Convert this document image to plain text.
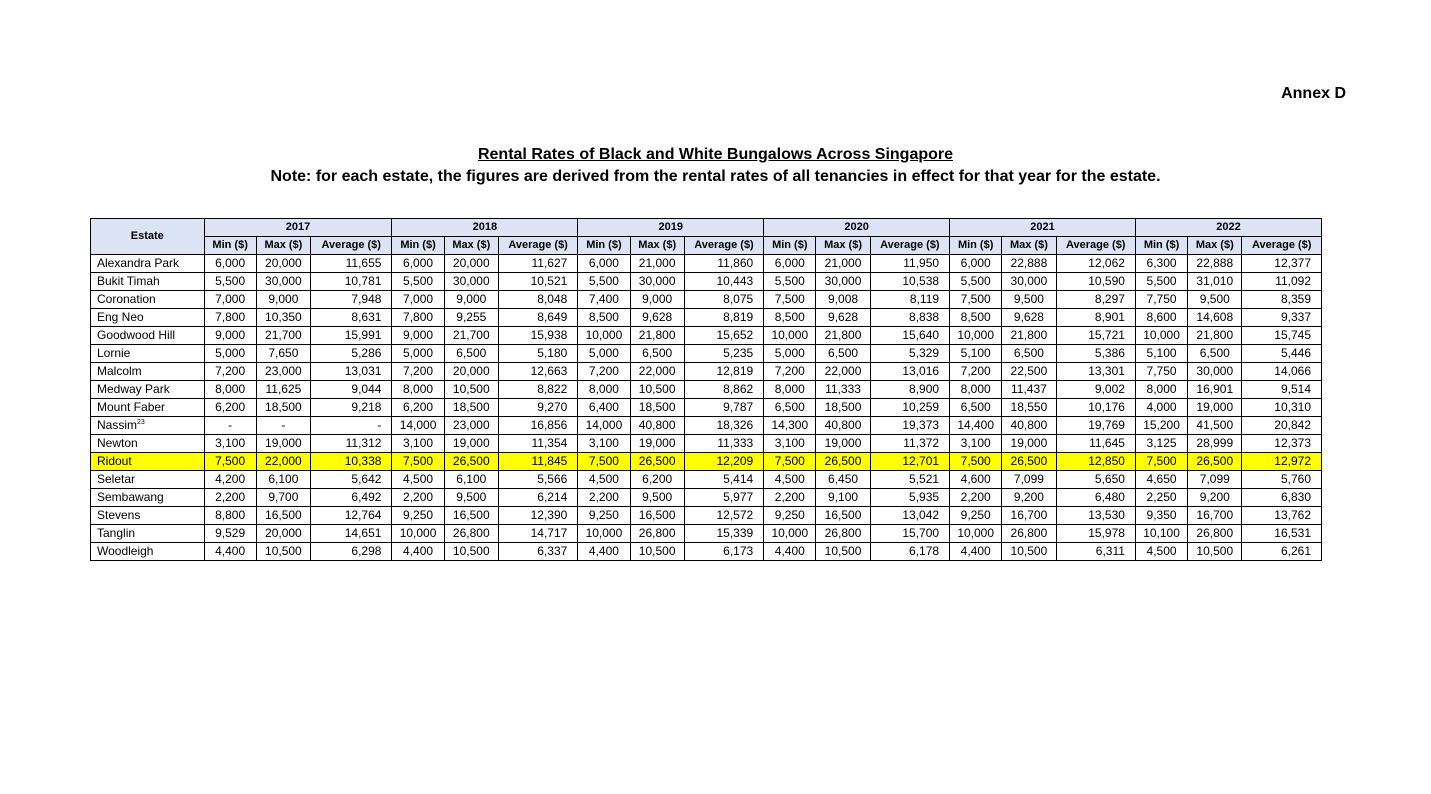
Annex D
Rental Rates of Black and White Bungalows Across Singapore
Note: for each estate, the figures are derived from the rental rates of all tenancies in effect for that year for the estate.
Estate	2017			2018			2019			2020			2021			2022		
	Min ($)	Max ($)	Average ($)	Min ($)	Max ($)	Average ($)	Min ($)	Max ($)	Average ($)	Min ($)	Max ($)	Average ($)	Min ($)	Max ($)	Average ($)	Min ($)	Max ($)	Average ($)
Alexandra Park	6,000	20,000	11,655	6,000	20,000	11,627	6,000	21,000	11,860	6,000	21,000	11,950	6,000	22,888	12,062	6,300	22,888	12,377
Bukit Timah	5,500	30,000	10,781	5,500	30,000	10,521	5,500	30,000	10,443	5,500	30,000	10,538	5,500	30,000	10,590	5,500	31,010	11,092
Coronation	7,000	9,000	7,948	7,000	9,000	8,048	7,400	9,000	8,075	7,500	9,008	8,119	7,500	9,500	8,297	7,750	9,500	8,359
Eng Neo	7,800	10,350	8,631	7,800	9,255	8,649	8,500	9,628	8,819	8,500	9,628	8,838	8,500	9,628	8,901	8,600	14,608	9,337
Goodwood Hill	9,000	21,700	15,991	9,000	21,700	15,938	10,000	21,800	15,652	10,000	21,800	15,640	10,000	21,800	15,721	10,000	21,800	15,745
Lornie	5,000	7,650	5,286	5,000	6,500	5,180	5,000	6,500	5,235	5,000	6,500	5,329	5,100	6,500	5,386	5,100	6,500	5,446
Malcolm	7,200	23,000	13,031	7,200	20,000	12,663	7,200	22,000	12,819	7,200	22,000	13,016	7,200	22,500	13,301	7,750	30,000	14,066
Medway Park	8,000	11,625	9,044	8,000	10,500	8,822	8,000	10,500	8,862	8,000	11,333	8,900	8,000	11,437	9,002	8,000	16,901	9,514
Mount Faber	6,200	18,500	9,218	6,200	18,500	9,270	6,400	18,500	9,787	6,500	18,500	10,259	6,500	18,550	10,176	4,000	19,000	10,310
Nassim$^{23}$	-	-	-	14,000	23,000	16,856	14,000	40,800	18,326	14,300	40,800	19,373	14,400	40,800	19,769	15,200	41,500	20,842
Newton	3,100	19,000	11,312	3,100	19,000	11,354	3,100	19,000	11,333	3,100	19,000	11,372	3,100	19,000	11,645	3,125	28,999	12,373
Ridout	7,500	22,000	10,338	7,500	26,500	11,845	7,500	26,500	12,209	7,500	26,500	12,701	7,500	26,500	12,850	7,500	26,500	12,972
Seletar	4,200	6,100	5,642	4,500	6,100	5,566	4,500	6,200	5,414	4,500	6,450	5,521	4,600	7,099	5,650	4,650	7,099	5,760
Sembawang	2,200	9,700	6,492	2,200	9,500	6,214	2,200	9,500	5,977	2,200	9,100	5,935	2,200	9,200	6,480	2,250	9,200	6,830
Stevens	8,800	16,500	12,764	9,250	16,500	12,390	9,250	16,500	12,572	9,250	16,500	13,042	9,250	16,700	13,530	9,350	16,700	13,762
Tanglin	9,529	20,000	14,651	10,000	26,800	14,717	10,000	26,800	15,339	10,000	26,800	15,700	10,000	26,800	15,978	10,100	26,800	16,531
Woodleigh	4,400	10,500	6,298	4,400	10,500	6,337	4,400	10,500	6,173	4,400	10,500	6,178	4,400	10,500	6,311	4,500	10,500	6,261
